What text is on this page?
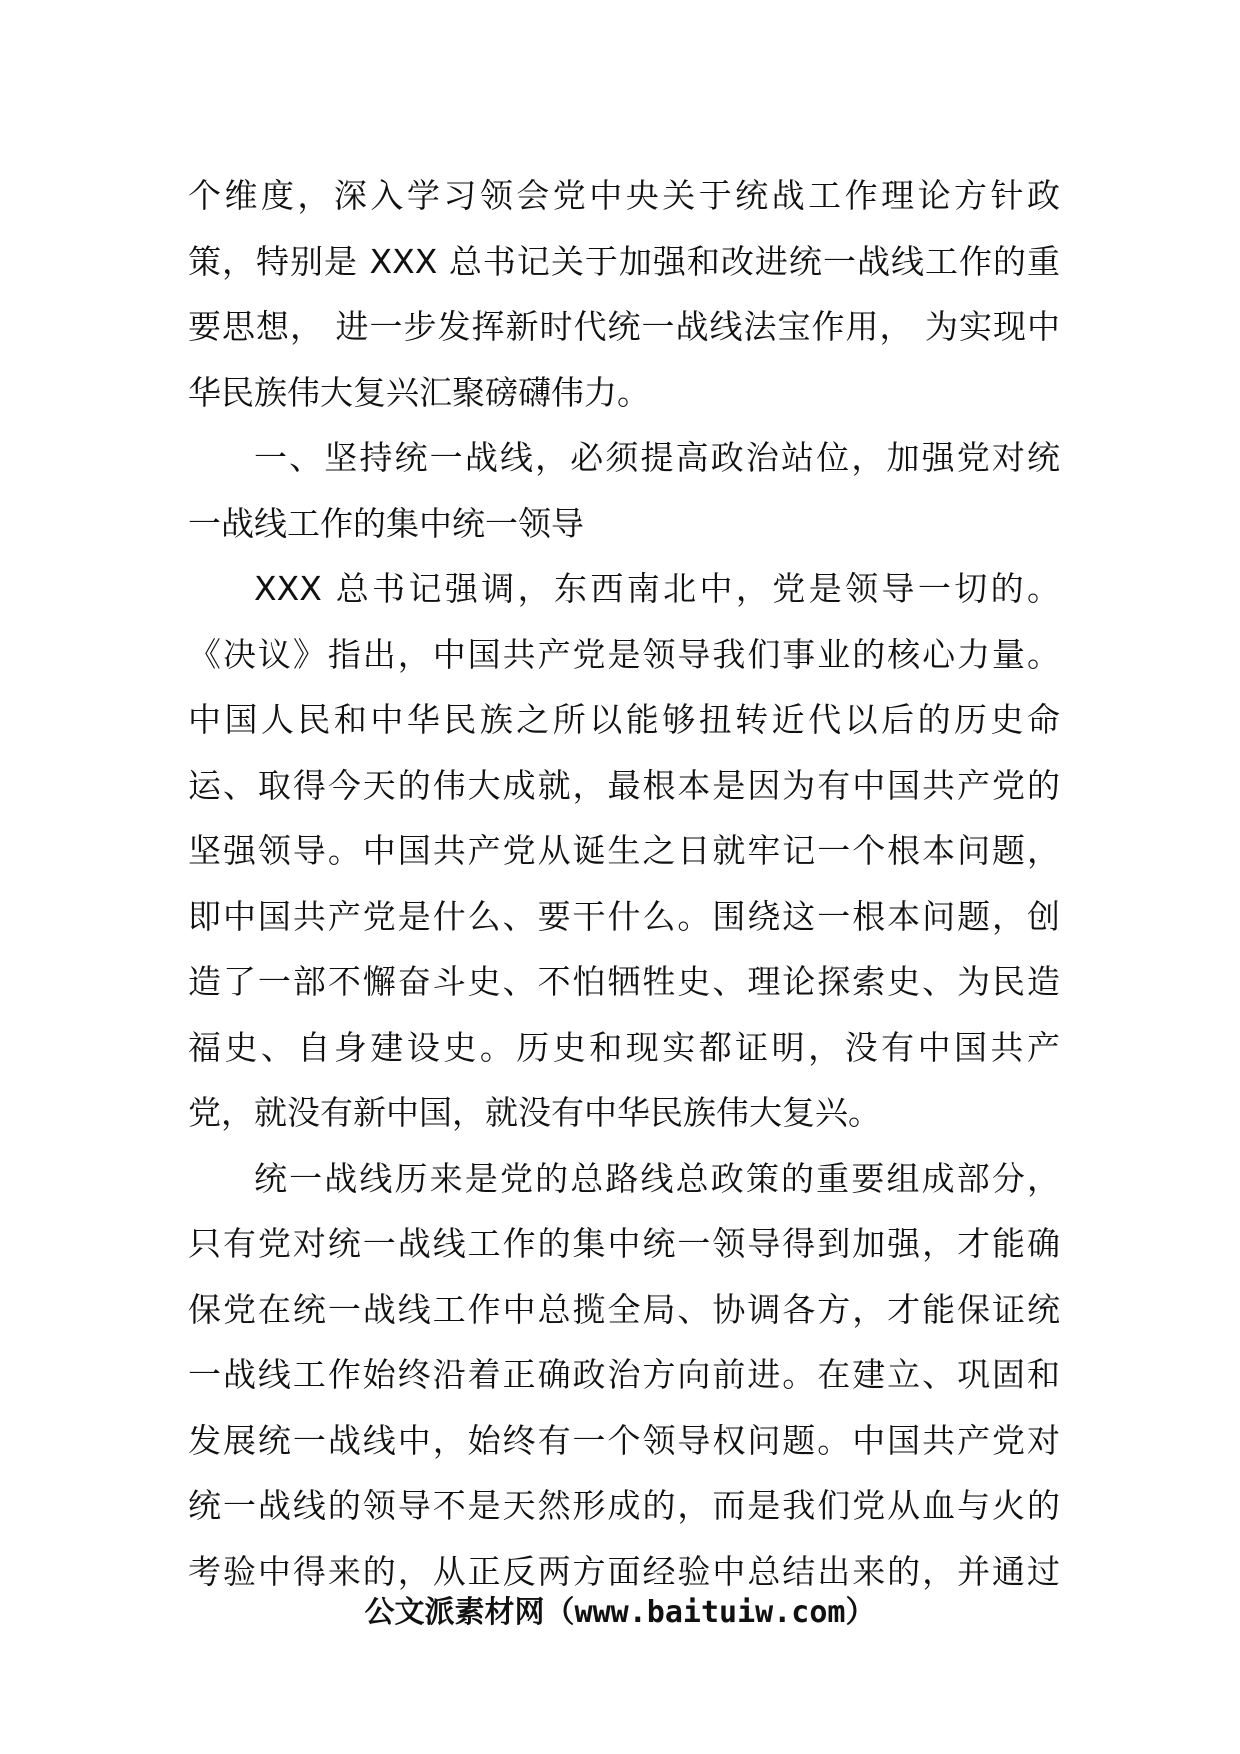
个维度，深入学习领会党中央关于统战工作理论方针政
策，特别是 XXX 总书记关于加强和改进统一战线工作的重
要思想， 进一步发挥新时代统一战线法宝作用， 为实现中
华民族伟大复兴汇聚磅礴伟力。
一、坚持统一战线，必须提高政治站位，加强党对统
一战线工作的集中统一领导
XXX 总书记强调，东西南北中，党是领导一切的。
《决议》指出，中国共产党是领导我们事业的核心力量。
中国人民和中华民族之所以能够扭转近代以后的历史命
运、取得今天的伟大成就，最根本是因为有中国共产党的
坚强领导。中国共产党从诞生之日就牢记一个根本问题，
即中国共产党是什么、要干什么。围绕这一根本问题，创
造了一部不懈奋斗史、不怕牺牲史、理论探索史、为民造
福史、自身建设史。历史和现实都证明，没有中国共产
党，就没有新中国，就没有中华民族伟大复兴。
统一战线历来是党的总路线总政策的重要组成部分，
只有党对统一战线工作的集中统一领导得到加强，才能确
保党在统一战线工作中总揽全局、协调各方，才能保证统
一战线工作始终沿着正确政治方向前进。在建立、巩固和
发展统一战线中，始终有一个领导权问题。中国共产党对
统一战线的领导不是天然形成的，而是我们党从血与火的
考验中得来的，从正反两方面经验中总结出来的，并通过
公文派素材网（www.baituiw.com）
